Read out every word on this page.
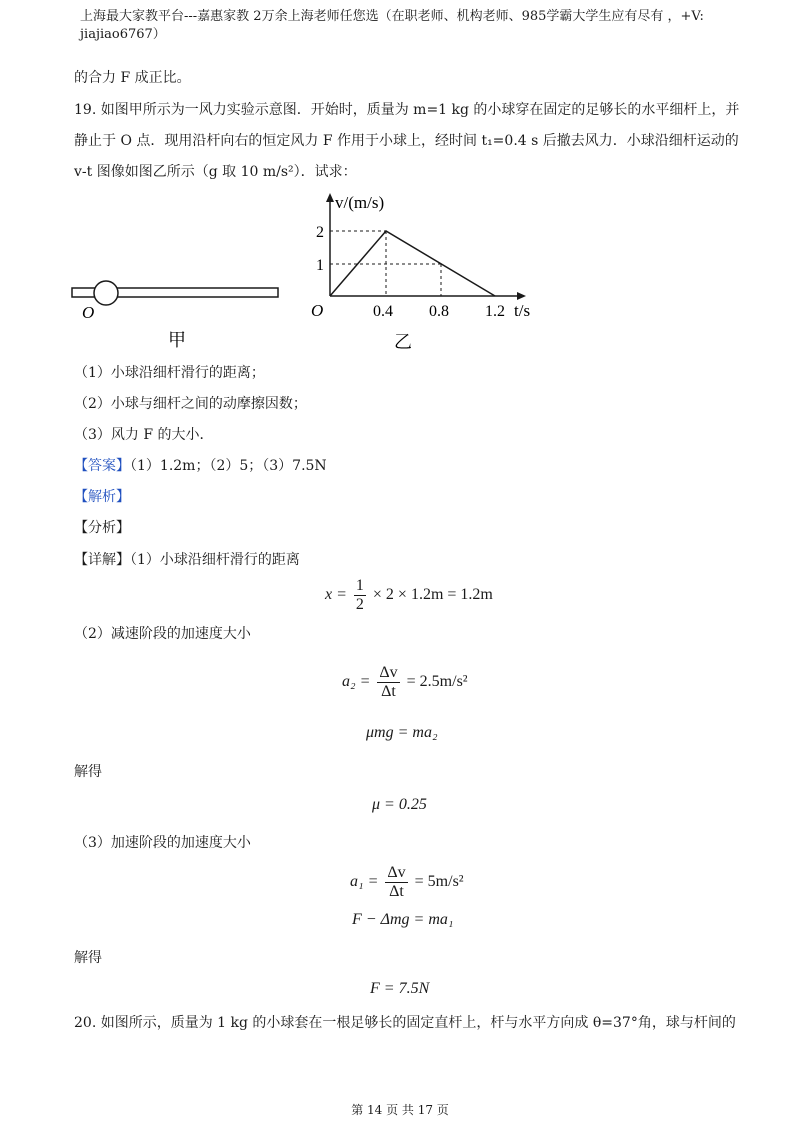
上海最大家教平台---嘉惠家教 2万余上海老师任您选（在职老师、机构老师、985学霸大学生应有尽有 ，+V: jiajiao6767）
的合力 F 成正比。
19. 如图甲所示为一风力实验示意图．开始时，质量为 m=1 kg 的小球穿在固定的足够长的水平细杆上，并
静止于 O 点．现用沿杆向右的恒定风力 F 作用于小球上，经时间 t₁=0.4 s 后撤去风力．小球沿细杆运动的
v-t 图像如图乙所示（g 取 10 m/s²）．试求：
O
甲
v/(m/s)
2
1
O	0.4 0.8 1.2 t/s
乙
（1）小球沿细杆滑行的距离；
（2）小球与细杆之间的动摩擦因数；
（3）风力 F 的大小．
【答案】（1）1.2m；（2）5；（3）7.5N
【解析】
【分析】
【详解】（1）小球沿细杆滑行的距离
$x = \frac{1}{2} \times 2 \times 1.2m = 1.2m$
（2）减速阶段的加速度大小
$a_2 = \frac{\Delta v}{\Delta t} = 2.5m/s^2$
μmg = ma₂
解得
μ = 0.25
（3）加速阶段的加速度大小
$a_1 = \frac{\Delta v}{\Delta t} = 5m/s^2$
F − Δmg = ma₁
解得
F = 7.5N
20. 如图所示，质量为 1 kg 的小球套在一根足够长的固定直杆上，杆与水平方向成 θ=37°角，球与杆间的
第 14 页 共 17 页
